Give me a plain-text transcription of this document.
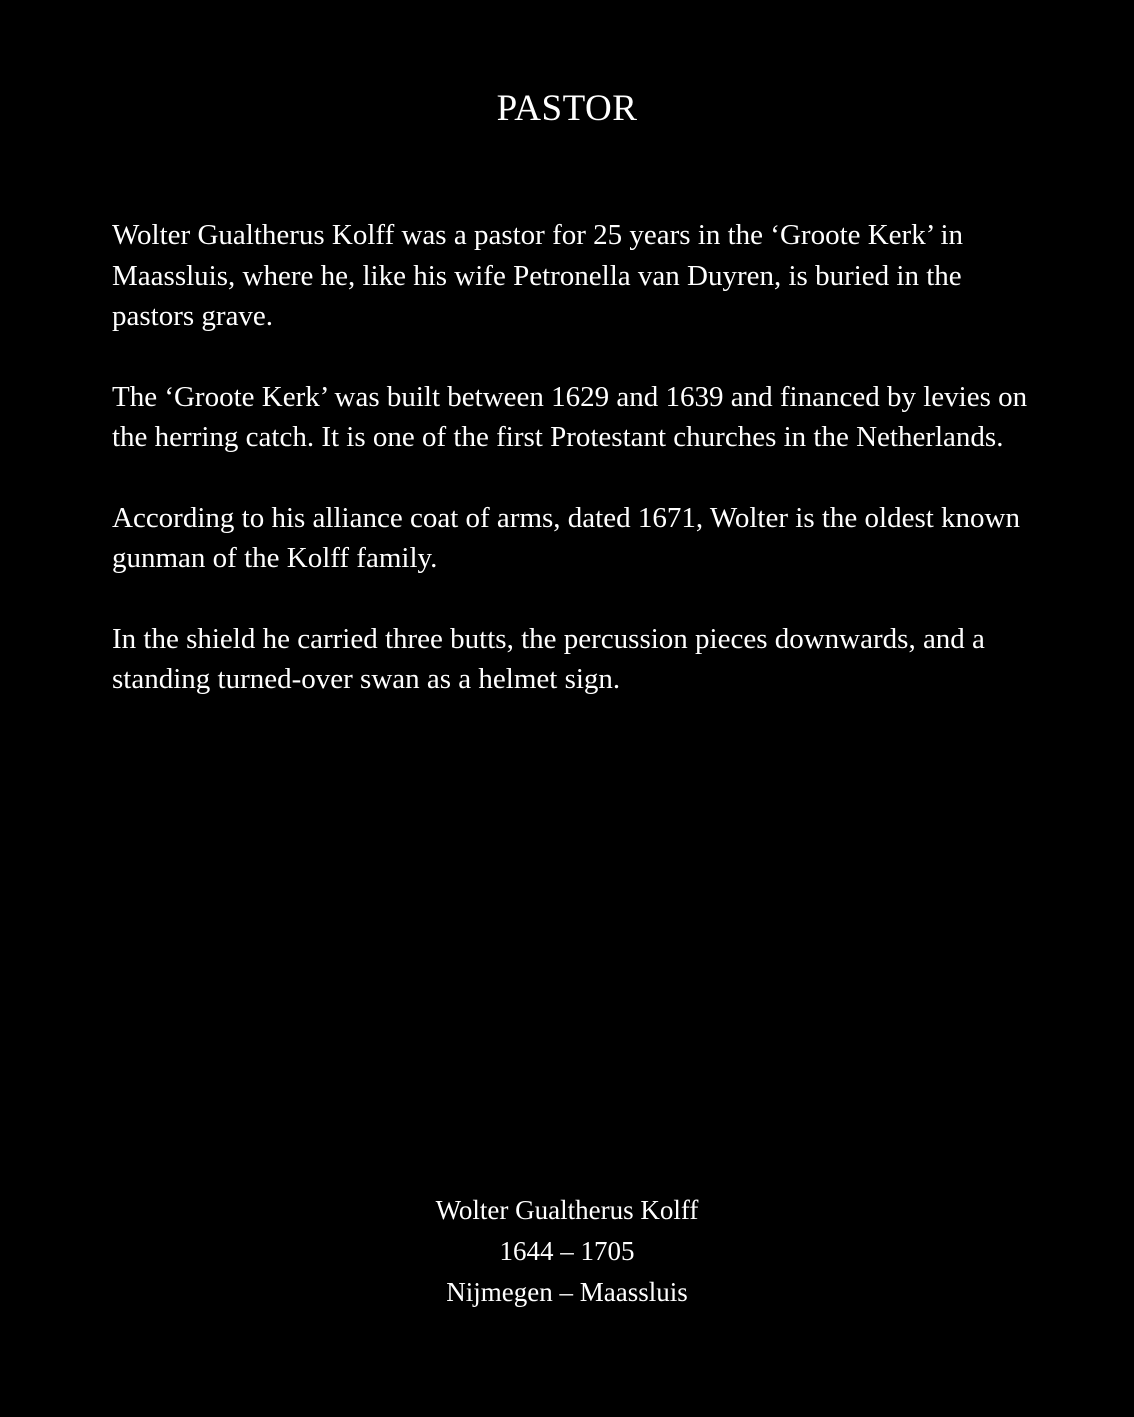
PASTOR

Wolter Gualtherus Kolff was a pastor for 25 years in the ‘Groote Kerk’ in Maassluis, where he, like his wife Petronella van Duyren, is buried in the pastors grave.

The ‘Groote Kerk’ was built between 1629 and 1639 and financed by levies on the herring catch. It is one of the first Protestant churches in the Netherlands.

According to his alliance coat of arms, dated 1671, Wolter is the oldest known gunman of the Kolff family.

In the shield he carried three butts, the percussion pieces downwards, and a standing turned-over swan as a helmet sign.

Wolter Gualtherus Kolff
1644 – 1705
Nijmegen – Maassluis
